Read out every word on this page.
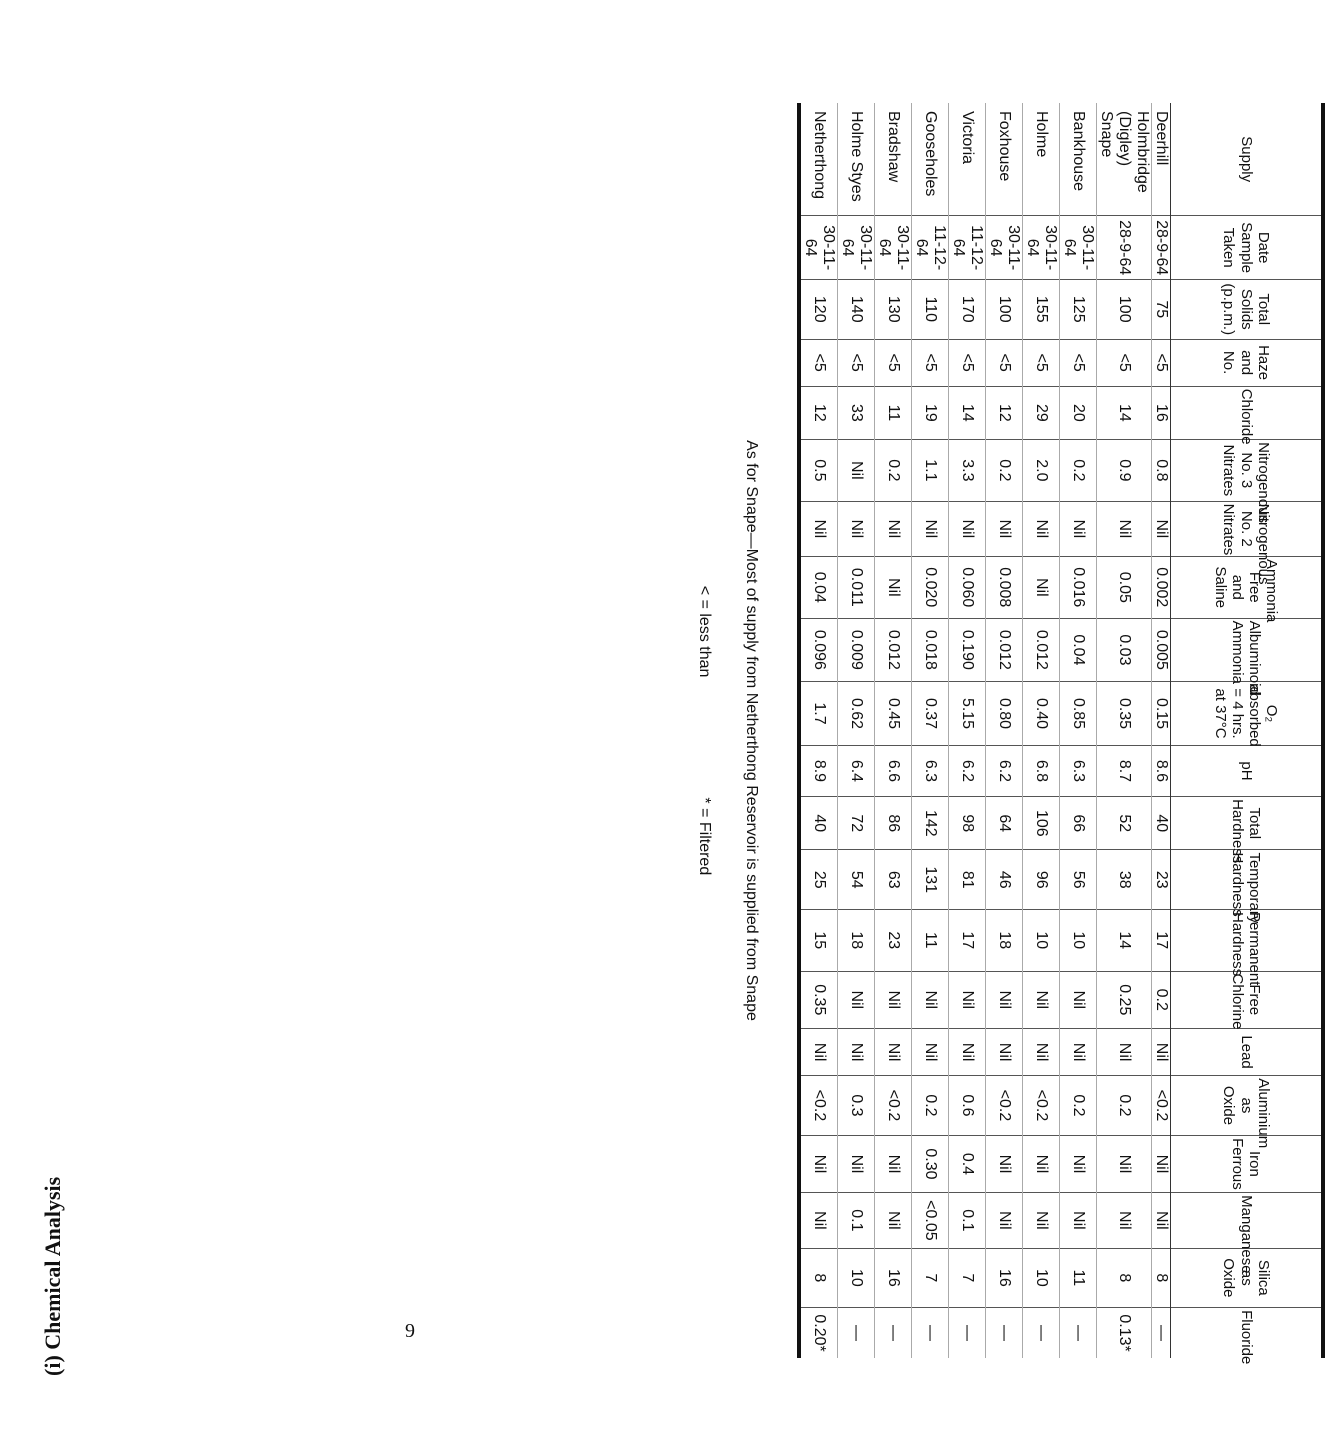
(i) Chemical Analysis
Supply	Date Sample Taken	Total Solids (p.p.m.)	Haze and No.	Chloride	Nitrogenous No. 3 Nitrates	Nitrogenous No. 2 Nitrates	Ammonia Free and Saline	Albuminoid Ammonia	O₂ absorbed = 4 hrs. at 37°C	pH	Total Hardness	Temporary Hardness	Permanent Hardness	Free Chlorine	Lead	Aluminium as Oxide	Iron Ferrous	Manganese	Silica as Oxide	Fluoride
Deerhill	28-9-64	75	<5	16	0.8	Nil	0.002	0.005	0.15	8.6	40	23	17	0.2	Nil	<0.2	Nil	Nil	8	—
Holmbridge (Digley) Snape	28-9-64	100	<5	14	0.9	Nil	0.05	0.03	0.35	8.7	52	38	14	0.25	Nil	0.2	Nil	Nil	8	0.13*
Bankhouse	30-11-64	125	<5	20	0.2	Nil	0.016	0.04	0.85	6.3	66	56	10	Nil	Nil	0.2	Nil	Nil	11	—
Holme	30-11-64	155	<5	29	2.0	Nil	Nil	0.012	0.40	6.8	106	96	10	Nil	Nil	<0.2	Nil	Nil	10	—
Foxhouse	30-11-64	100	<5	12	0.2	Nil	0.008	0.012	0.80	6.2	64	46	18	Nil	Nil	<0.2	Nil	Nil	16	—
Victoria	11-12-64	170	<5	14	3.3	Nil	0.060	0.190	5.15	6.2	98	81	17	Nil	Nil	0.6	0.4	0.1	7	—
Gooseholes	11-12-64	110	<5	19	1.1	Nil	0.020	0.018	0.37	6.3	142	131	11	Nil	Nil	0.2	0.30	<0.05	7	—
Bradshaw	30-11-64	130	<5	11	0.2	Nil	Nil	0.012	0.45	6.6	86	63	23	Nil	Nil	<0.2	Nil	Nil	16	—
Holme Styes	30-11-64	140	<5	33	Nil	Nil	0.011	0.009	0.62	6.4	72	54	18	Nil	Nil	0.3	Nil	0.1	10	—
Netherthong	30-11-64	120	<5	12	0.5	Nil	0.04	0.096	1.7	8.9	40	25	15	0.35	Nil	<0.2	Nil	Nil	8	0.20*
As for Snape—Most of supply from Netherthong Reservoir is supplied from Snape
< = less than
* = Filtered
9
